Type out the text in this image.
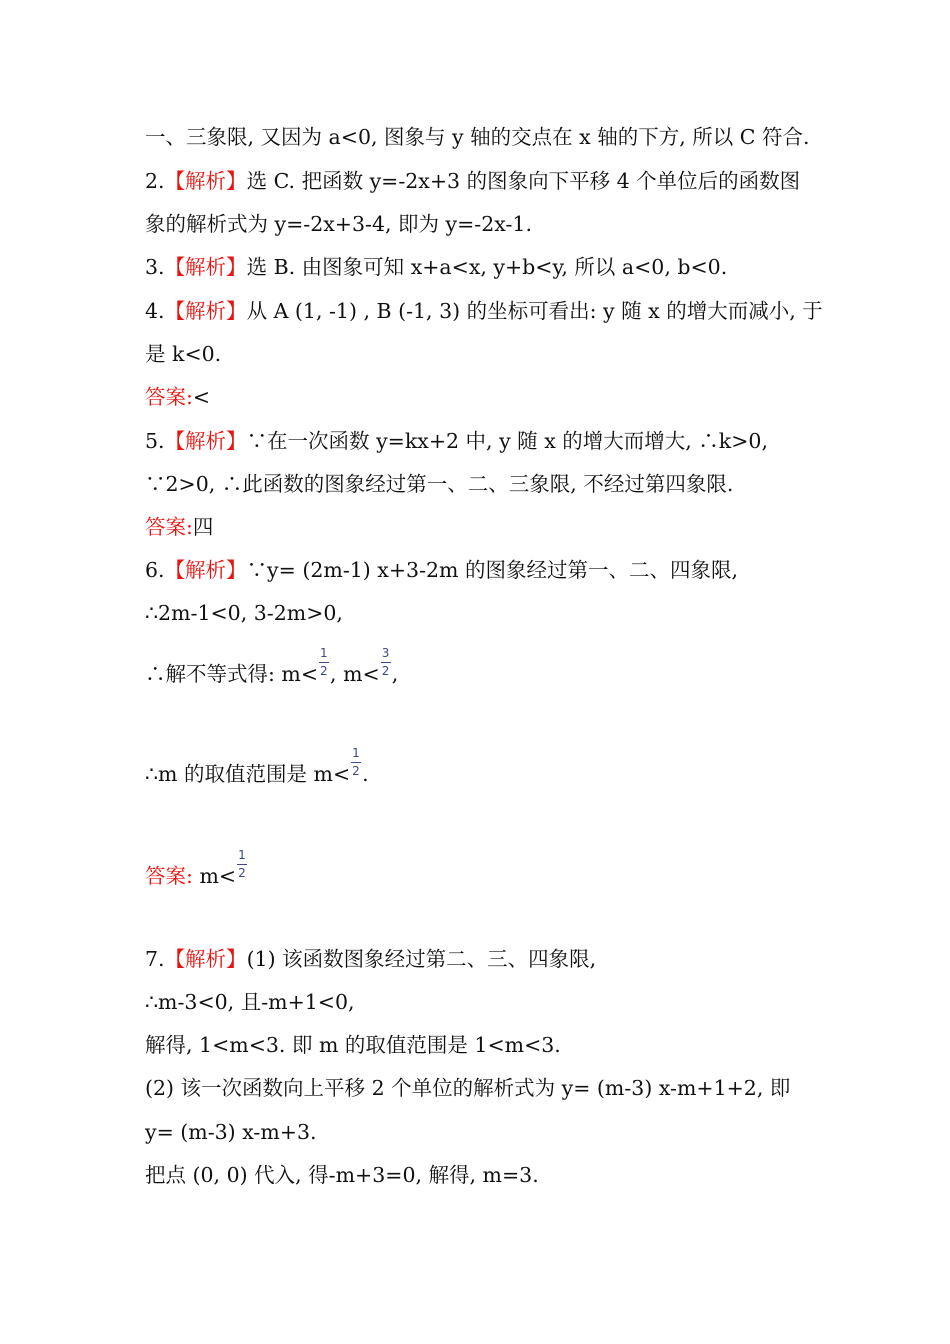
一、三象限, 又因为 a<0, 图象与 y 轴的交点在 x 轴的下方, 所以 C 符合.
2.【解析】选 C. 把函数 y=-2x+3 的图象向下平移 4 个单位后的函数图
象的解析式为 y=-2x+3-4, 即为 y=-2x-1.
3.【解析】选 B. 由图象可知 x+a<x, y+b<y, 所以 a<0, b<0.
4.【解析】从 A (1, -1) , B (-1, 3) 的坐标可看出: y 随 x 的增大而减小, 于
是 k<0.
答案:<
5.【解析】∵在一次函数 y=kx+2 中, y 随 x 的增大而增大, ∴k>0,
∵2>0, ∴此函数的图象经过第一、二、三象限, 不经过第四象限.
答案:四
6.【解析】∵y= (2m-1) x+3-2m 的图象经过第一、二、四象限,
∴2m-1<0, 3-2m>0,
∴解不等式得: $m< \frac{1}{2}$ , $m< \frac{3}{2}$ ,
∴m 的取值范围是 $m< \frac{1}{2}$ .
答案: $m< \frac{1}{2}$
7.【解析】(1) 该函数图象经过第二、三、四象限,
∴m-3<0, 且-m+1<0,
解得, 1<m<3. 即 m 的取值范围是 1<m<3.
(2) 该一次函数向上平移 2 个单位的解析式为 y= (m-3) x-m+1+2, 即
y= (m-3) x-m+3.
把点 (0, 0) 代入, 得-m+3=0, 解得, m=3.
